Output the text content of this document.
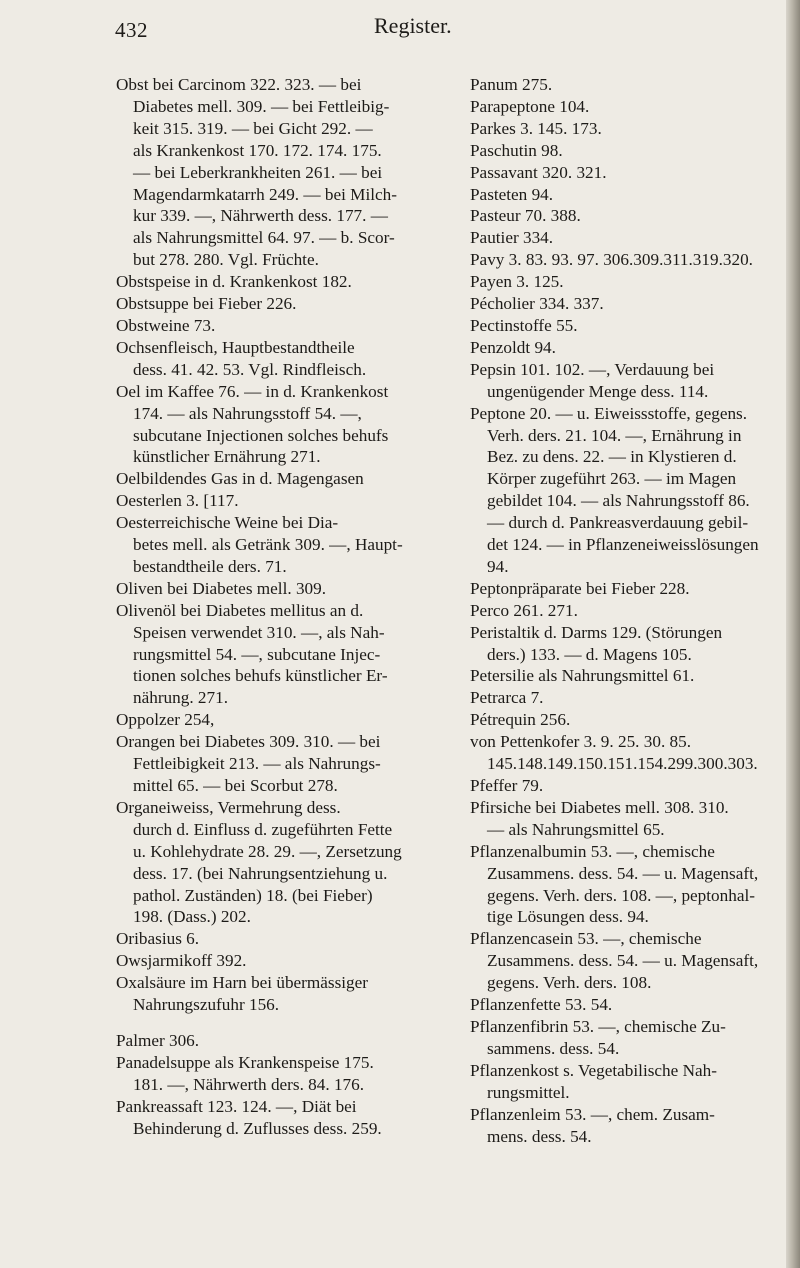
432	Register.
Obst bei Carcinom 322. 323. — bei
Diabetes mell. 309. — bei Fettleibig-
keit 315. 319. — bei Gicht 292. —
als Krankenkost 170. 172. 174. 175.
— bei Leberkrankheiten 261. — bei
Magendarmkatarrh 249. — bei Milch-
kur 339. —, Nährwerth dess. 177. —
als Nahrungsmittel 64. 97. — b. Scor-
but 278. 280. Vgl. Früchte.
Obstspeise in d. Krankenkost 182.
Obstsuppe bei Fieber 226.
Obstweine 73.
Ochsenfleisch, Hauptbestandtheile
dess. 41. 42. 53. Vgl. Rindfleisch.
Oel im Kaffee 76. — in d. Krankenkost
174. — als Nahrungsstoff 54. —,
subcutane Injectionen solches behufs
künstlicher Ernährung 271.
Oelbildendes Gas in d. Magengasen
Oesterlen 3. [117.
Oesterreichische Weine bei Dia-
betes mell. als Getränk 309. —, Haupt-
bestandtheile ders. 71.
Oliven bei Diabetes mell. 309.
Olivenöl bei Diabetes mellitus an d.
Speisen verwendet 310. —, als Nah-
rungsmittel 54. —, subcutane Injec-
tionen solches behufs künstlicher Er-
nährung. 271.
Oppolzer 254,
Orangen bei Diabetes 309. 310. — bei
Fettleibigkeit 213. — als Nahrungs-
mittel 65. — bei Scorbut 278.
Organeiweiss, Vermehrung dess.
durch d. Einfluss d. zugeführten Fette
u. Kohlehydrate 28. 29. —, Zersetzung
dess. 17. (bei Nahrungsentziehung u.
pathol. Zuständen) 18. (bei Fieber)
198. (Dass.) 202.
Oribasius 6.
Owsjarmikoff 392.
Oxalsäure im Harn bei übermässiger
Nahrungszufuhr 156.
Palmer 306.
Panadelsuppe als Krankenspeise 175.
181. —, Nährwerth ders. 84. 176.
Pankreassaft 123. 124. —, Diät bei
Behinderung d. Zuflusses dess. 259.
Panum 275.
Parapeptone 104.
Parkes 3. 145. 173.
Paschutin 98.
Passavant 320. 321.
Pasteten 94.
Pasteur 70. 388.
Pautier 334.
Pavy 3. 83. 93. 97. 306.309.311.319.320.
Payen 3. 125.
Pécholier 334. 337.
Pectinstoffe 55.
Penzoldt 94.
Pepsin 101. 102. —, Verdauung bei
ungenügender Menge dess. 114.
Peptone 20. — u. Eiweissstoffe, gegens.
Verh. ders. 21. 104. —, Ernährung in
Bez. zu dens. 22. — in Klystieren d.
Körper zugeführt 263. — im Magen
gebildet 104. — als Nahrungsstoff 86.
— durch d. Pankreasverdauung gebil-
det 124. — in Pflanzeneiweisslösungen
94.
Peptonpräparate bei Fieber 228.
Perco 261. 271.
Peristaltik d. Darms 129. (Störungen
ders.) 133. — d. Magens 105.
Petersilie als Nahrungsmittel 61.
Petrarca 7.
Pétrequin 256.
von Pettenkofer 3. 9. 25. 30. 85.
145.148.149.150.151.154.299.300.303.
Pfeffer 79.
Pfirsiche bei Diabetes mell. 308. 310.
— als Nahrungsmittel 65.
Pflanzenalbumin 53. —, chemische
Zusammens. dess. 54. — u. Magensaft,
gegens. Verh. ders. 108. —, peptonhal-
tige Lösungen dess. 94.
Pflanzencasein 53. —, chemische
Zusammens. dess. 54. — u. Magensaft,
gegens. Verh. ders. 108.
Pflanzenfette 53. 54.
Pflanzenfibrin 53. —, chemische Zu-
sammens. dess. 54.
Pflanzenkost s. Vegetabilische Nah-
rungsmittel.
Pflanzenleim 53. —, chem. Zusam-
mens. dess. 54.
